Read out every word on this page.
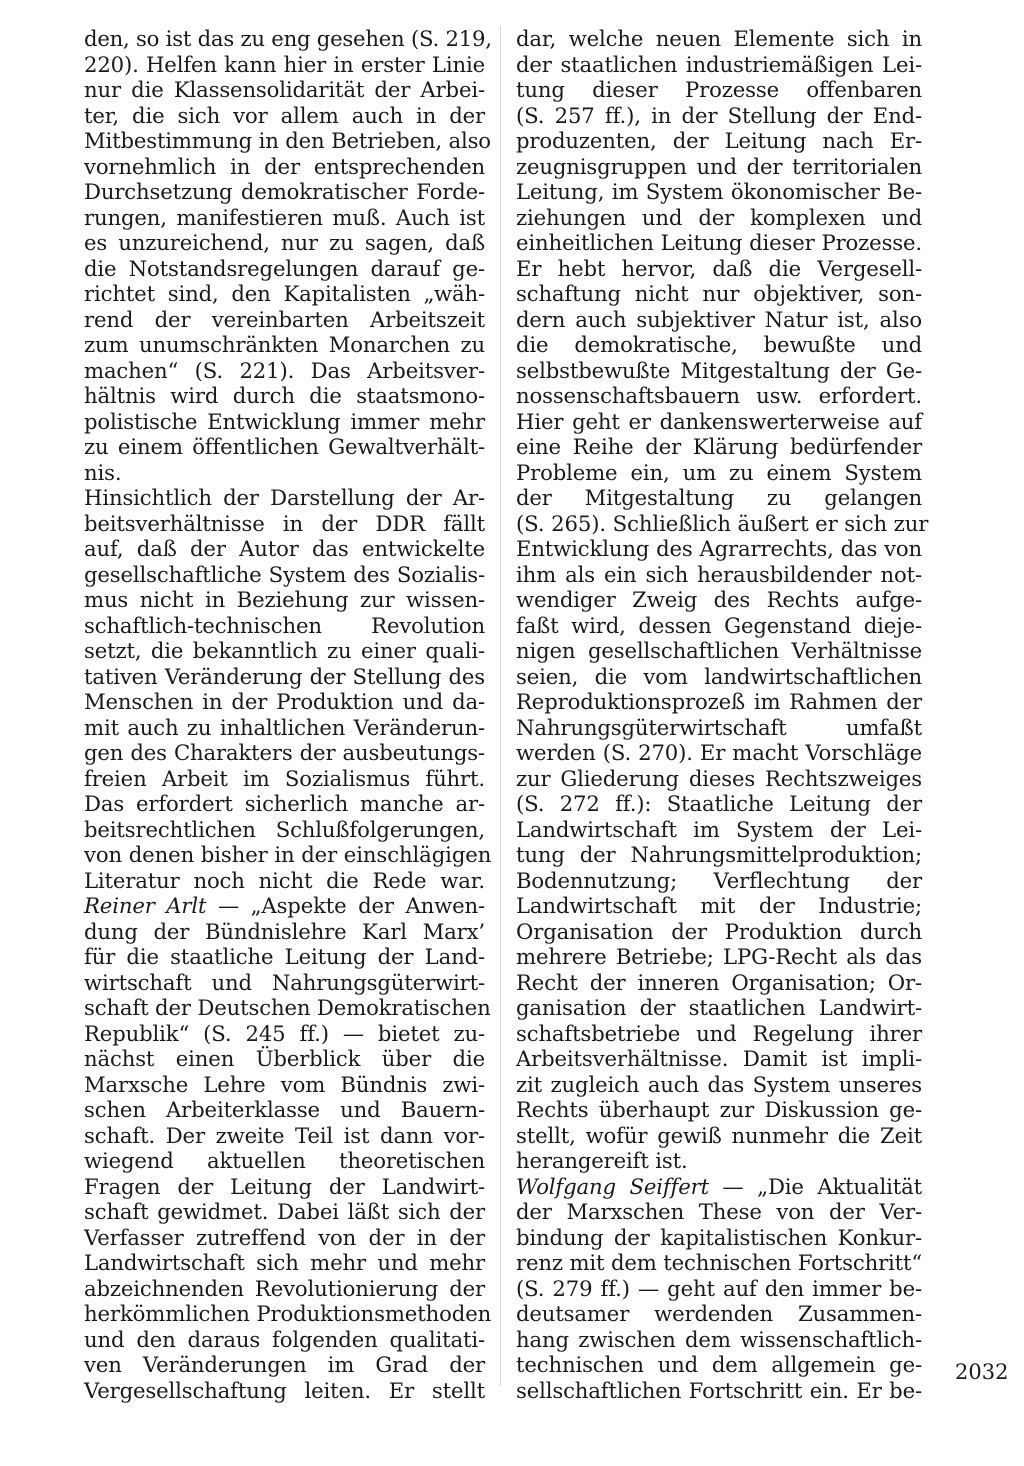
den, so ist das zu eng gesehen (S. 219,
220). Helfen kann hier in erster Linie
nur die Klassensolidarität der Arbei-
ter, die sich vor allem auch in der
Mitbestimmung in den Betrieben, also
vornehmlich in der entsprechenden
Durchsetzung demokratischer Forde-
rungen, manifestieren muß. Auch ist
es unzureichend, nur zu sagen, daß
die Notstandsregelungen darauf ge-
richtet sind, den Kapitalisten „wäh-
rend der vereinbarten Arbeitszeit
zum unumschränkten Monarchen zu
machen“ (S. 221). Das Arbeitsver-
hältnis wird durch die staatsmono-
polistische Entwicklung immer mehr
zu einem öffentlichen Gewaltverhält-
nis.
Hinsichtlich der Darstellung der Ar-
beitsverhältnisse in der DDR fällt
auf, daß der Autor das entwickelte
gesellschaftliche System des Sozialis-
mus nicht in Beziehung zur wissen-
schaftlich-technischen Revolution
setzt, die bekanntlich zu einer quali-
tativen Veränderung der Stellung des
Menschen in der Produktion und da-
mit auch zu inhaltlichen Veränderun-
gen des Charakters der ausbeutungs-
freien Arbeit im Sozialismus führt.
Das erfordert sicherlich manche ar-
beitsrechtlichen Schlußfolgerungen,
von denen bisher in der einschlägigen
Literatur noch nicht die Rede war.
Reiner Arlt — „Aspekte der Anwen-
dung der Bündnislehre Karl Marx’
für die staatliche Leitung der Land-
wirtschaft und Nahrungsgüterwirt-
schaft der Deutschen Demokratischen
Republik“ (S. 245 ff.) — bietet zu-
nächst einen Überblick über die
Marxsche Lehre vom Bündnis zwi-
schen Arbeiterklasse und Bauern-
schaft. Der zweite Teil ist dann vor-
wiegend aktuellen theoretischen
Fragen der Leitung der Landwirt-
schaft gewidmet. Dabei läßt sich der
Verfasser zutreffend von der in der
Landwirtschaft sich mehr und mehr
abzeichnenden Revolutionierung der
herkömmlichen Produktionsmethoden
und den daraus folgenden qualitati-
ven Veränderungen im Grad der
Vergesellschaftung leiten. Er stellt
dar, welche neuen Elemente sich in
der staatlichen industriemäßigen Lei-
tung dieser Prozesse offenbaren
(S. 257 ff.), in der Stellung der End-
produzenten, der Leitung nach Er-
zeugnisgruppen und der territorialen
Leitung, im System ökonomischer Be-
ziehungen und der komplexen und
einheitlichen Leitung dieser Prozesse.
Er hebt hervor, daß die Vergesell-
schaftung nicht nur objektiver, son-
dern auch subjektiver Natur ist, also
die demokratische, bewußte und
selbstbewußte Mitgestaltung der Ge-
nossenschaftsbauern usw. erfordert.
Hier geht er dankenswerterweise auf
eine Reihe der Klärung bedürfender
Probleme ein, um zu einem System
der Mitgestaltung zu gelangen
(S. 265). Schließlich äußert er sich zur
Entwicklung des Agrarrechts, das von
ihm als ein sich herausbildender not-
wendiger Zweig des Rechts aufge-
faßt wird, dessen Gegenstand dieje-
nigen gesellschaftlichen Verhältnisse
seien, die vom landwirtschaftlichen
Reproduktionsprozeß im Rahmen der
Nahrungsgüterwirtschaft umfaßt
werden (S. 270). Er macht Vorschläge
zur Gliederung dieses Rechtszweiges
(S. 272 ff.): Staatliche Leitung der
Landwirtschaft im System der Lei-
tung der Nahrungsmittelproduktion;
Bodennutzung; Verflechtung der
Landwirtschaft mit der Industrie;
Organisation der Produktion durch
mehrere Betriebe; LPG-Recht als das
Recht der inneren Organisation; Or-
ganisation der staatlichen Landwirt-
schaftsbetriebe und Regelung ihrer
Arbeitsverhältnisse. Damit ist impli-
zit zugleich auch das System unseres
Rechts überhaupt zur Diskussion ge-
stellt, wofür gewiß nunmehr die Zeit
herangereift ist.
Wolfgang Seiffert — „Die Aktualität
der Marxschen These von der Ver-
bindung der kapitalistischen Konkur-
renz mit dem technischen Fortschritt“
(S. 279 ff.) — geht auf den immer be-
deutsamer werdenden Zusammen-
hang zwischen dem wissenschaftlich-
technischen und dem allgemein ge-
sellschaftlichen Fortschritt ein. Er be-
2032
